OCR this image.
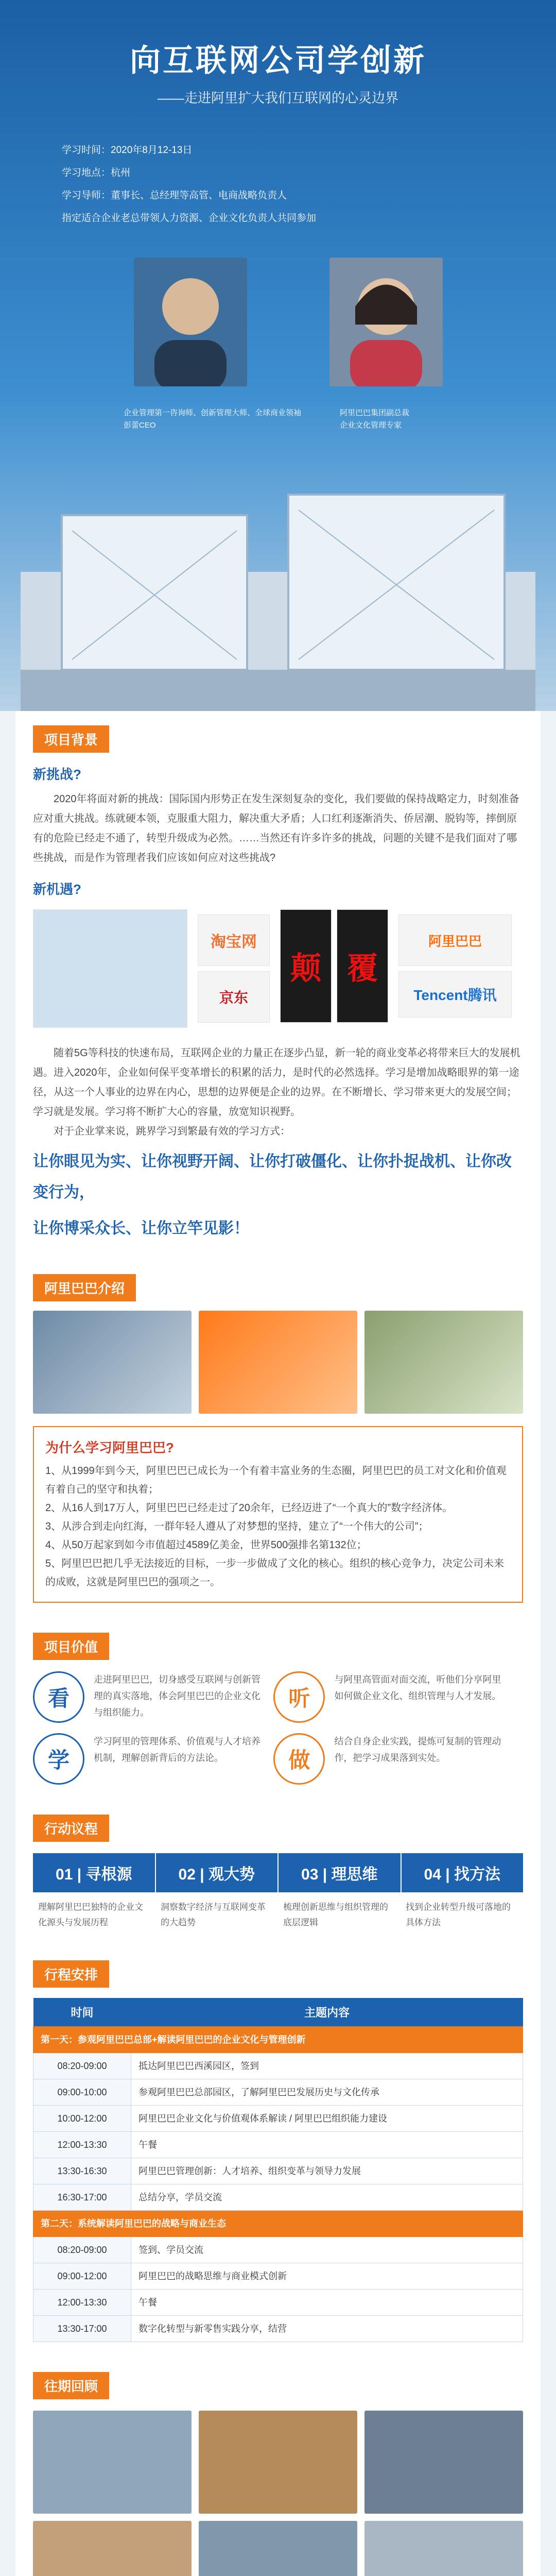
向互联网公司学创新
——走进阿里扩大我们互联网的心灵边界
学习时间：2020年8月12-13日
学习地点：杭州
学习导师：董事长、总经理等高管、电商战略负责人
指定适合企业老总带领人力资源、企业文化负责人共同参加
企业管理第一咨询师、创新管理大师、全球商业领袖
彭蕾CEO
阿里巴巴集团副总裁
企业文化管理专家
项目背景
新挑战?

2020年将面对新的挑战：国际国内形势正在发生深刻复杂的变化，我们要做的保持战略定力，时刻准备应对重大挑战。练就硬本领，克服重大阻力，解决重大矛盾；人口红利逐渐消失、侨居潮、脱钩等，摔倒原有的危险已经走不通了，转型升级成为必然。……当然还有许多许多的挑战，问题的关键不是我们面对了哪些挑战，而是作为管理者我们应该如何应对这些挑战?

新机遇?
淘宝网
颠 覆
Tencent腾讯
京东
阿里巴巴

随着5G等科技的快速布局，互联网企业的力量正在逐步凸显，新一轮的商业变革必将带来巨大的发展机遇。进入2020年，企业如何保平变革增长的积累的活力，是时代的必然选择。学习是增加战略眼界的第一途径，从这一个人事业的边界在内心，思想的边界便是企业的边界。在不断增长、学习带来更大的发展空间；学习就是发展。学习将不断扩大心的容量，放宽知识视野。

对于企业掌来说，跳界学习到繁最有效的学习方式：

让你眼见为实、让你视野开阔、让你打破僵化、让你扑捉战机、让你改变行为，
让你博采众长、让你立竿见影！
阿里巴巴介绍
为什么学习阿里巴巴?

1、从1999年到今天，阿里巴巴已成长为一个有着丰富业务的生态圈，阿里巴巴的员工对文化和价值观有着自己的坚守和执着；

2、从16人到17万人，阿里巴巴已经走过了20余年，已经迈进了“一个真大的”数字经济体。

3、从涉合到走向红海，一群年轻人遵从了对梦想的坚持，建立了“一个伟大的公司”；

4、从50万起家到如今市值超过4589亿美金，世界500强排名第132位；

5、阿里巴巴把几乎无法接近的目标，一步一步做成了文化的核心。组织的核心竞争力，决定公司未来的成败，这就是阿里巴巴的强项之一。

项目价值
看
走进阿里巴巴，切身感受互联网与创新管理的真实落地，体会阿里巴巴的企业文化与组织能力。
听
与阿里高管面对面交流，听他们分享阿里如何做企业文化、组织管理与人才发展。
学
学习阿里的管理体系、价值观与人才培养机制，理解创新背后的方法论。	做
结合自身企业实践，提炼可复制的管理动作，把学习成果落到实处。
行动议程
01 | 寻根源	02 | 观大势	03 | 理思维	04 | 找方法

理解阿里巴巴独特的企业文化源头与发展历程

洞察数字经济与互联网变革的大趋势

梳理创新思维与组织管理的底层逻辑

找到企业转型升级可落地的具体方法

行程安排
时间	主题内容
第一天：参观阿里巴巴总部+解读阿里巴巴的企业文化与管理创新	
08:20-09:00	抵达阿里巴巴西溪园区，签到
09:00-10:00	参观阿里巴巴总部园区，了解阿里巴巴发展历史与文化传承
10:00-12:00	阿里巴巴企业文化与价值观体系解读 / 阿里巴巴组织能力建设
12:00-13:30	午餐
13:30-16:30	阿里巴巴管理创新：人才培养、组织变革与领导力发展
16:30-17:00	总结分享，学员交流
第二天：系统解读阿里巴巴的战略与商业生态	
08:20-09:00	签到、学员交流
09:00-12:00	阿里巴巴的战略思维与商业模式创新
12:00-13:30	午餐
13:30-17:00	数字化转型与新零售实践分享，结营
往期回顾
